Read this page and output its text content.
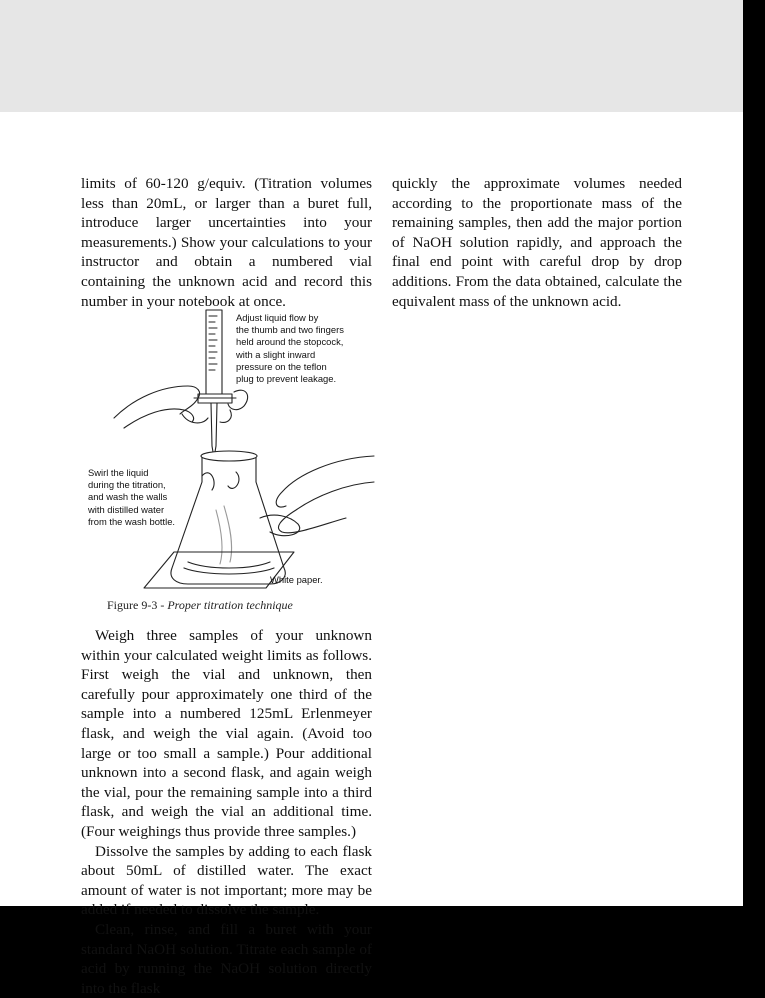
limits of 60-120 g/equiv. (Titration volumes less than 20mL, or larger than a buret full, introduce larger uncertainties into your measurements.) Show your calculations to your instructor and obtain a numbered vial containing the unknown acid and record this number in your notebook at once.

quickly the approximate volumes needed according to the proportionate mass of the remaining samples, then add the major portion of NaOH solution rapidly, and approach the final end point with careful drop by drop additions. From the data obtained, calculate the equivalent mass of the unknown acid.

Adjust liquid flow by
the thumb and two fingers
held around the stopcock,
with a slight inward
pressure on the teflon
plug to prevent leakage.
Swirl the liquid
during the titration,
and wash the walls
with distilled water
from the wash bottle.
White paper.
Figure 9-3 - Proper titration technique

Weigh three samples of your unknown within your calculated weight limits as follows. First weigh the vial and unknown, then carefully pour approximately one third of the sample into a numbered 125mL Erlenmeyer flask, and weigh the vial again. (Avoid too large or too small a sample.) Pour additional unknown into a second flask, and again weigh the vial, pour the remaining sample into a third flask, and weigh the vial an additional time. (Four weighings thus provide three samples.)

Dissolve the samples by adding to each flask about 50mL of distilled water. The exact amount of water is not important; more may be added if needed to dissolve the sample.

Clean, rinse, and fill a buret with your standard NaOH solution. Titrate each sample of acid by running the NaOH solution directly into the flask
